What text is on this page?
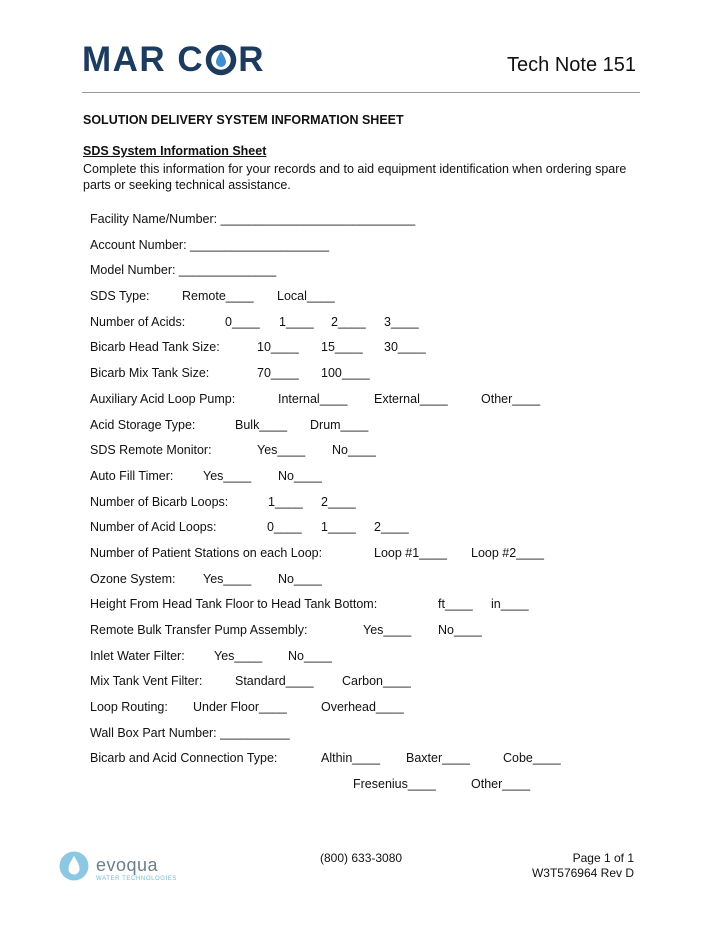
MAR C R	Tech Note 151
SOLUTION DELIVERY SYSTEM INFORMATION SHEET
SDS System Information Sheet
Complete this information for your records and to aid equipment identification when ordering spare parts or seeking technical assistance.
Facility Name/Number: ____________________________
Account Number: ____________________
Model Number: ______________
SDS Type:	Remote____ Local____
Number of Acids:	0____ 1____ 2____ 3____
Bicarb Head Tank Size:	10____ 15____ 30____
Bicarb Mix Tank Size:	70____ 100____
Auxiliary Acid Loop Pump:	Internal____ External____	Other____
Acid Storage Type:	Bulk____ Drum____
SDS Remote Monitor:	Yes____ No____
Auto Fill Timer: Yes____ No____
Number of Bicarb Loops:	1____ 2____
Number of Acid Loops:	0____ 1____ 2____
Number of Patient Stations on each Loop:	Loop #1____ Loop #2____
Ozone System: Yes____ No____
Height From Head Tank Floor to Head Tank Bottom:	ft____ in____
Remote Bulk Transfer Pump Assembly:	Yes____ No____
Inlet Water Filter: Yes____ No____
Mix Tank Vent Filter:	Standard____ Carbon____
Loop Routing: Under Floor____	Overhead____
Wall Box Part Number: __________
Bicarb and Acid Connection Type:	Althin____ Baxter____	Cobe____
Fresenius____	Other____
evoqua
WATER TECHNOLOGIES
(800) 633-3080	Page 1 of 1
W3T576964 Rev D
